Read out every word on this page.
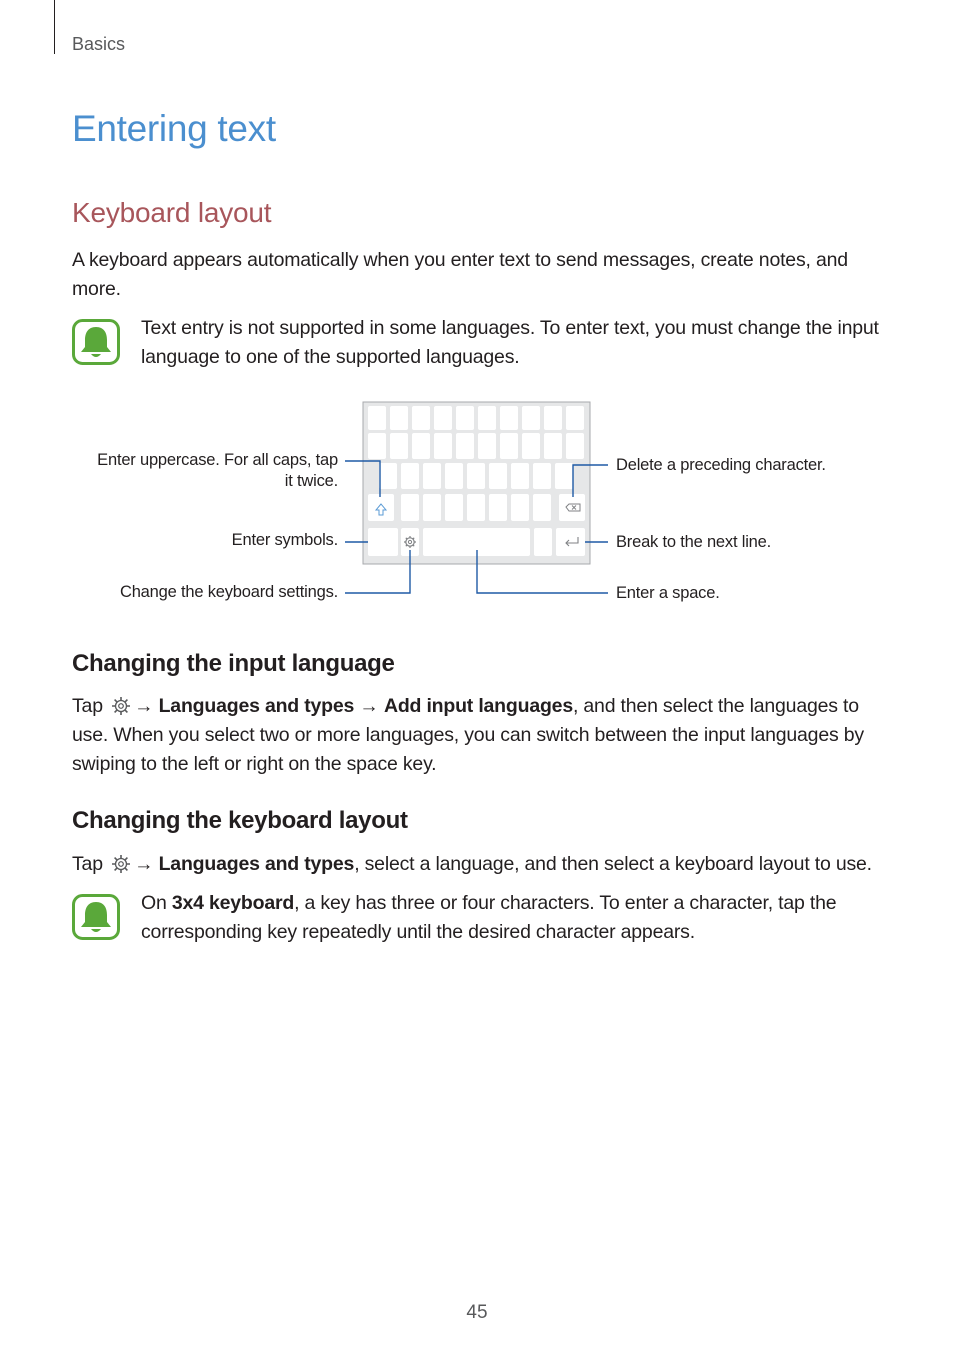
Basics
Entering text
Keyboard layout

A keyboard appears automatically when you enter text to send messages, create notes, and more.

Text entry is not supported in some languages. To enter text, you must change the input language to one of the supported languages.

Enter uppercase. For all caps, tap
it twice.
Enter symbols.
Change the keyboard settings.
Delete a preceding character.
Break to the next line.
Enter a space.
Changing the input language

Tap → Languages and types → Add input languages, and then select the languages to use. When you select two or more languages, you can switch between the input languages by swiping to the left or right on the space key.

Changing the keyboard layout

Tap → Languages and types, select a language, and then select a keyboard layout to use.

On 3x4 keyboard, a key has three or four characters. To enter a character, tap the corresponding key repeatedly until the desired character appears.

45
